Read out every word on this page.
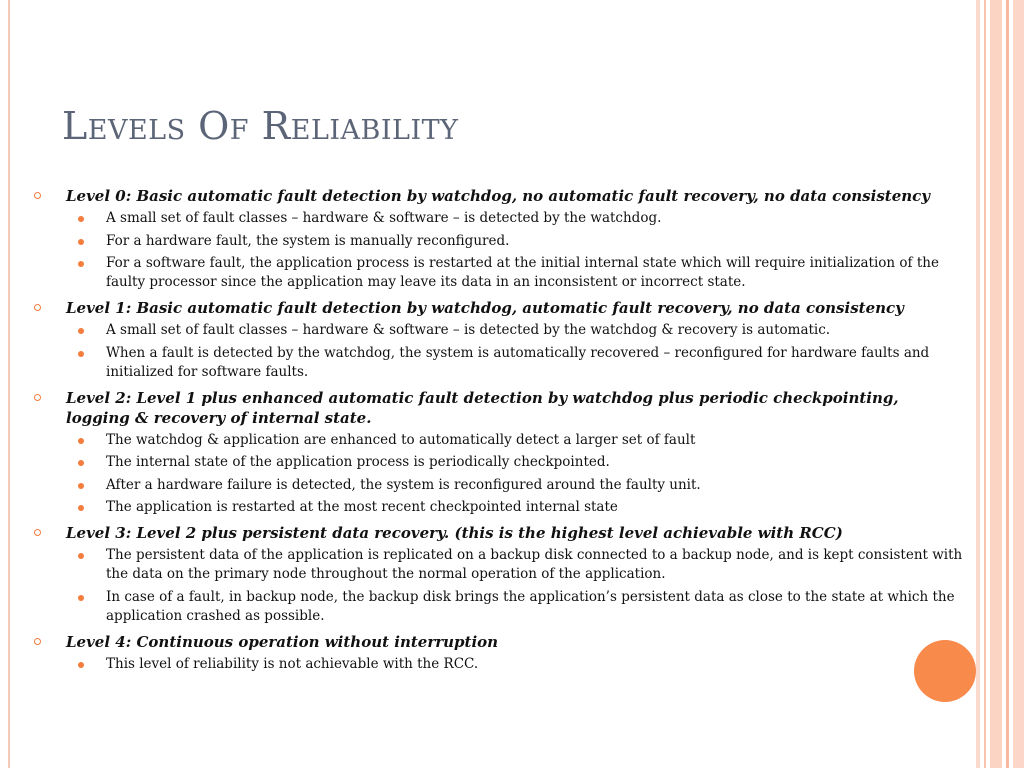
Levels Of Reliability
Level 0: Basic automatic fault detection by watchdog, no automatic fault recovery, no data consistency
A small set of fault classes – hardware & software – is detected by the watchdog.
For a hardware fault, the system is manually reconfigured.
For a software fault, the application process is restarted at the initial internal state which will require initialization of the faulty processor since the application may leave its data in an inconsistent or incorrect state.
Level 1: Basic automatic fault detection by watchdog, automatic fault recovery, no data consistency
A small set of fault classes – hardware & software – is detected by the watchdog & recovery is automatic.
When a fault is detected by the watchdog, the system is automatically recovered – reconfigured for hardware faults and initialized for software faults.
Level 2: Level 1 plus enhanced automatic fault detection by watchdog plus periodic checkpointing, logging & recovery of internal state.
The watchdog & application are enhanced to automatically detect a larger set of fault
The internal state of the application process is periodically checkpointed.
After a hardware failure is detected, the system is reconfigured around the faulty unit.
The application is restarted at the most recent checkpointed internal state
Level 3: Level 2 plus persistent data recovery. (this is the highest level achievable with RCC)
The persistent data of the application is replicated on a backup disk connected to a backup node, and is kept consistent with the data on the primary node throughout the normal operation of the application.
In case of a fault, in backup node, the backup disk brings the application’s persistent data as close to the state at which the application crashed as possible.
Level 4: Continuous operation without interruption
This level of reliability is not achievable with the RCC.
